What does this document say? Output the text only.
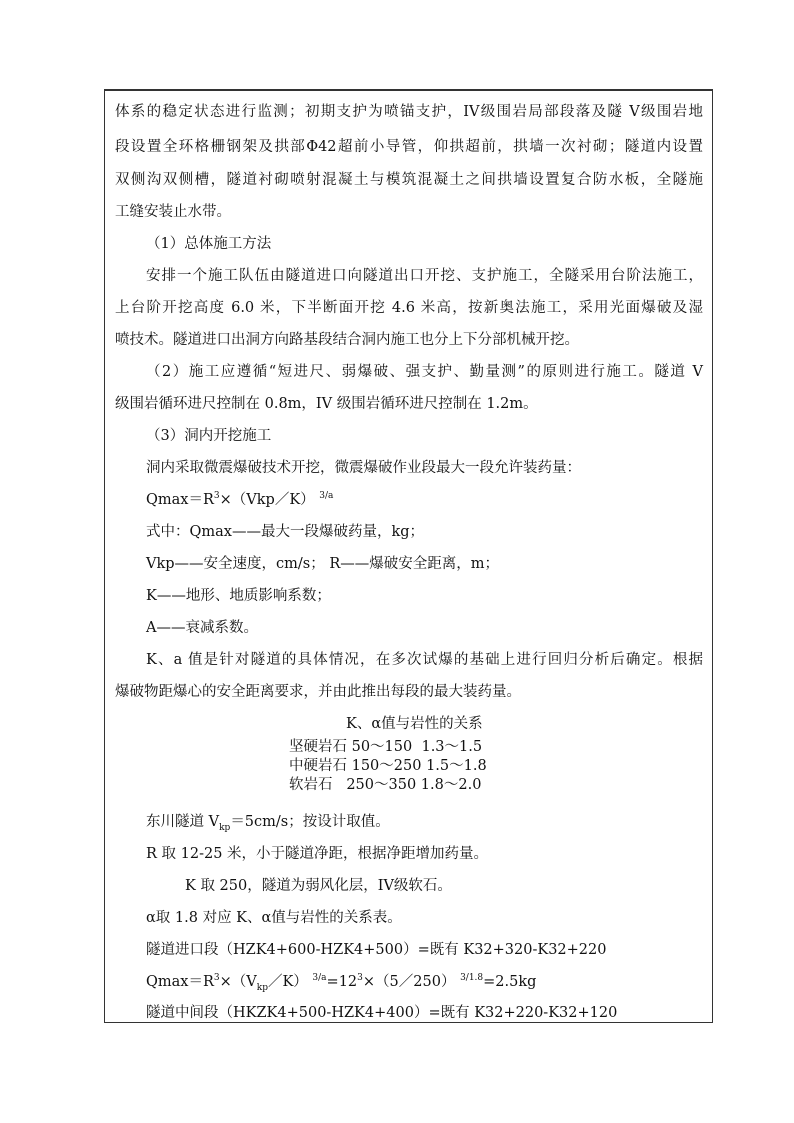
体系的稳定状态进行监测；初期支护为喷锚支护，IV级围岩局部段落及隧 V级围岩地
段设置全环格栅钢架及拱部Φ42超前小导管，仰拱超前，拱墙一次衬砌；隧道内设置
双侧沟双侧槽，隧道衬砌喷射混凝土与模筑混凝土之间拱墙设置复合防水板，全隧施
工缝安装止水带。
（1）总体施工方法
安排一个施工队伍由隧道进口向隧道出口开挖、支护施工，全隧采用台阶法施工，
上台阶开挖高度 6.0 米，下半断面开挖 4.6 米高，按新奥法施工，采用光面爆破及湿
喷技术。隧道进口出洞方向路基段结合洞内施工也分上下分部机械开挖。
（2）施工应遵循“短进尺、弱爆破、强支护、勤量测”的原则进行施工。隧道 V
级围岩循环进尺控制在 0.8m，IV 级围岩循环进尺控制在 1.2m。
（3）洞内开挖施工
洞内采取微震爆破技术开挖，微震爆破作业段最大一段允许装药量：
$Qmax=R^3\times(Vkp/K)$ $^{3/a}$
式中：Qmax——最大一段爆破药量，kg；
Vkp——安全速度，cm/s； R——爆破安全距离，m；
K——地形、地质影响系数；
A——衰减系数。
K、a 值是针对隧道的具体情况，在多次试爆的基础上进行回归分析后确定。根据
爆破物距爆心的安全距离要求，并由此推出每段的最大装药量。
K、α值与岩性的关系
坚硬岩石 50～150 1.3～1.5
中硬岩石 150～250 1.5～1.8
软岩石 250～350 1.8～2.0
东川隧道 $V_{kp}=5cm/s$；按设计取值。
R 取 12-25 米，小于隧道净距，根据净距增加药量。
K 取 250，隧道为弱风化层，IV级软石。
α取 1.8 对应 K、α值与岩性的关系表。
隧道进口段（HZK4+600-HZK4+500）=既有 K32+320-K32+220
$Qmax=R^3\times(V_{kp}/K)$ $^{3/a}=12^3\times(5/250)$ $^{3/1.8}$=2.5kg
隧道中间段（HKZK4+500-HZK4+400）=既有 K32+220-K32+120
